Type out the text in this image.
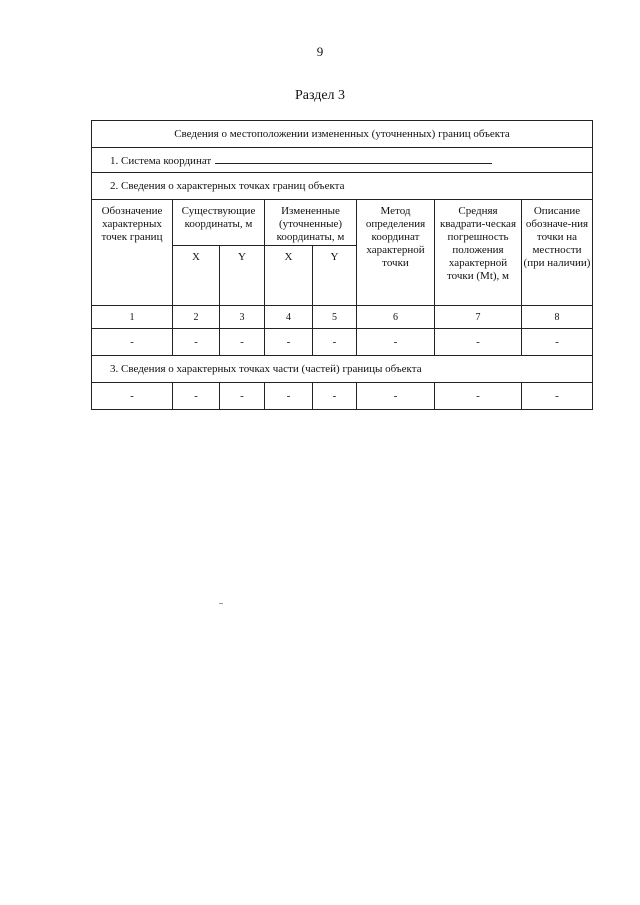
9
Раздел 3
Сведения о местоположении измененных (уточненных) границ объекта							
1. Система координат							
2. Сведения о характерных точках границ объекта							
Обозначение характерных точек границ	Существующие координаты, м		Измененные (уточненные) координаты, м		Метод определения координат характерной точки	Средняя квадрати-ческая погрешность положения характерной точки (Mt), м	Описание обозначе-ния точки на местности (при наличии)
	X	Y	X	Y			
1	2	3	4	5	6	7	8
-	-	-	-	-	-	-	-
3. Сведения о характерных точках части (частей) границы объекта							
-	-	-	-	-	-	-	-
